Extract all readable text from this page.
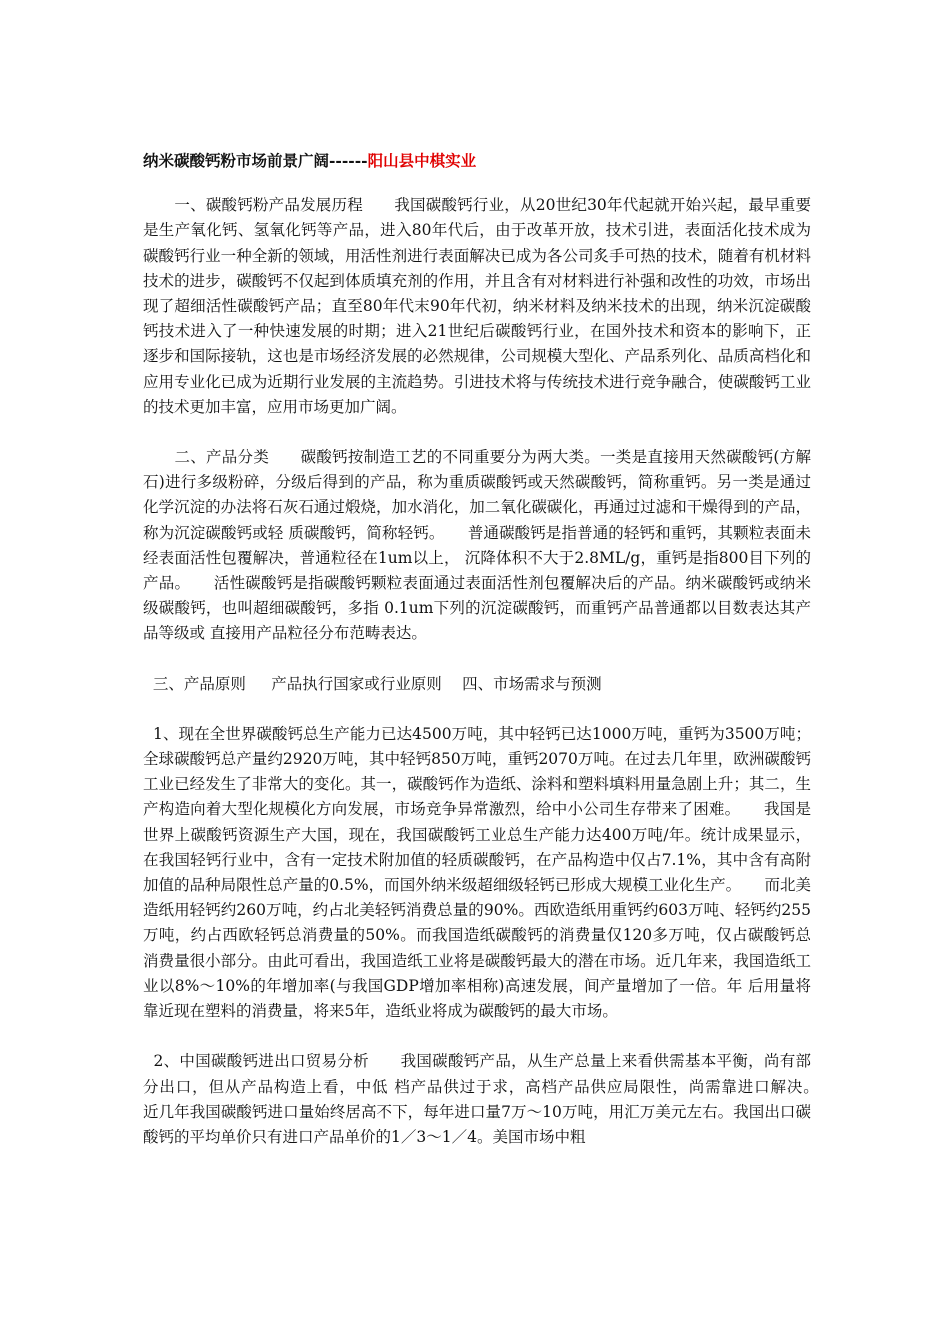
纳米碳酸钙粉市场前景广阔------阳山县中棋实业
　　一、碳酸钙粉产品发展历程　　我国碳酸钙行业，从20世纪30年代起就开始兴起，最早重要是生产氧化钙、氢氧化钙等产品，进入80年代后，由于改革开放，技术引进，表面活化技术成为碳酸钙行业一种全新的领域，用活性剂进行表面解决已成为各公司炙手可热的技术，随着有机材料技术的进步，碳酸钙不仅起到体质填充剂的作用，并且含有对材料进行补强和改性的功效，市场出现了超细活性碳酸钙产品；直至80年代末90年代初，纳米材料及纳米技术的出现，纳米沉淀碳酸钙技术进入了一种快速发展的时期；进入21世纪后碳酸钙行业，在国外技术和资本的影响下，正逐步和国际接轨，这也是市场经济发展的必然规律，公司规模大型化、产品系列化、品质高档化和应用专业化已成为近期行业发展的主流趋势。引进技术将与传统技术进行竞争融合，使碳酸钙工业的技术更加丰富，应用市场更加广阔。
　　二、产品分类　　碳酸钙按制造工艺的不同重要分为两大类。一类是直接用天然碳酸钙(方解石)进行多级粉碎，分级后得到的产品，称为重质碳酸钙或天然碳酸钙，简称重钙。另一类是通过化学沉淀的办法将石灰石通过煅烧，加水消化，加二氧化碳碳化，再通过过滤和干燥得到的产品，称为沉淀碳酸钙或轻 质碳酸钙，简称轻钙。　　普通碳酸钙是指普通的轻钙和重钙，其颗粒表面未经表面活性包覆解决，普通粒径在1um以上， 沉降体积不大于2.8ML/g，重钙是指800目下列的产品。　　活性碳酸钙是指碳酸钙颗粒表面通过表面活性剂包覆解决后的产品。纳米碳酸钙或纳米级碳酸钙，也叫超细碳酸钙，多指 0.1um下列的沉淀碳酸钙，而重钙产品普通都以目数表达其产品等级或 直接用产品粒径分布范畴表达。
三、产品原则　  产品执行国家或行业原则　 四、市场需求与预测
1、现在全世界碳酸钙总生产能力已达4500万吨，其中轻钙已达1000万吨，重钙为3500万吨；全球碳酸钙总产量约2920万吨，其中轻钙850万吨，重钙2070万吨。在过去几年里，欧洲碳酸钙工业已经发生了非常大的变化。其一，碳酸钙作为造纸、涂料和塑料填料用量急剧上升；其二，生 产构造向着大型化规模化方向发展，市场竞争异常激烈，给中小公司生存带来了困难。　　我国是世界上碳酸钙资源生产大国，现在，我国碳酸钙工业总生产能力达400万吨/年。统计成果显示，在我国轻钙行业中，含有一定技术附加值的轻质碳酸钙，在产品构造中仅占7.1%，其中含有高附加值的品种局限性总产量的0.5%，而国外纳米级超细级轻钙已形成大规模工业化生产。　　而北美造纸用轻钙约260万吨，约占北美轻钙消费总量的90%。西欧造纸用重钙约603万吨、轻钙约255万吨，约占西欧轻钙总消费量的50%。而我国造纸碳酸钙的消费量仅120多万吨，仅占碳酸钙总消费量很小部分。由此可看出，我国造纸工业将是碳酸钙最大的潜在市场。近几年来，我国造纸工业以8%～10%的年增加率(与我国GDP增加率相称)高速发展，间产量增加了一倍。年 后用量将靠近现在塑料的消费量，将来5年，造纸业将成为碳酸钙的最大市场。
2、中国碳酸钙进出口贸易分析　　我国碳酸钙产品，从生产总量上来看供需基本平衡，尚有部分出口，但从产品构造上看，中低 档产品供过于求，高档产品供应局限性，尚需靠进口解决。　　近几年我国碳酸钙进口量始终居高不下，每年进口量7万～10万吨，用汇万美元左右。我国出口碳酸钙的平均单价只有进口产品单价的1／3～1／4。美国市场中粗
